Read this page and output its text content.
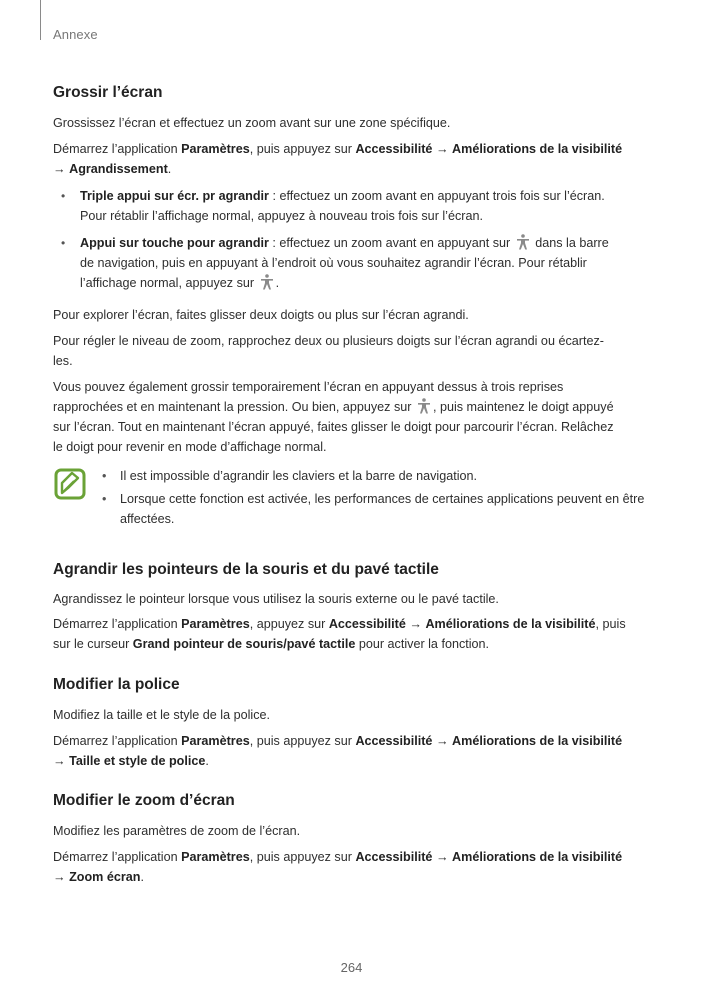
Annexe
Grossir l’écran

Grossissez l’écran et effectuez un zoom avant sur une zone spécifique.

Démarrez l’application Paramètres, puis appuyez sur Accessibilité → Améliorations de la visibilité

→ Agrandissement.

• Triple appui sur écr. pr agrandir : effectuez un zoom avant en appuyant trois fois sur l’écran.
Pour rétablir l’affichage normal, appuyez à nouveau trois fois sur l’écran.
• Appui sur touche pour agrandir : effectuez un zoom avant en appuyant sur  dans la barre
de navigation, puis en appuyant à l’endroit où vous souhaitez agrandir l’écran. Pour rétablir
l’affichage normal, appuyez sur .

Pour explorer l’écran, faites glisser deux doigts ou plus sur l’écran agrandi.

Pour régler le niveau de zoom, rapprochez deux ou plusieurs doigts sur l’écran agrandi ou écartez-

les.

Vous pouvez également grossir temporairement l’écran en appuyant dessus à trois reprises

rapprochées et en maintenant la pression. Ou bien, appuyez sur , puis maintenez le doigt appuyé

sur l’écran. Tout en maintenant l’écran appuyé, faites glisser le doigt pour parcourir l’écran. Relâchez

le doigt pour revenir en mode d’affichage normal.

• Il est impossible d’agrandir les claviers et la barre de navigation.
• Lorsque cette fonction est activée, les performances de certaines applications peuvent en être affectées.
Agrandir les pointeurs de la souris et du pavé tactile

Agrandissez le pointeur lorsque vous utilisez la souris externe ou le pavé tactile.

Démarrez l’application Paramètres, appuyez sur Accessibilité → Améliorations de la visibilité, puis

sur le curseur Grand pointeur de souris/pavé tactile pour activer la fonction.

Modifier la police

Modifiez la taille et le style de la police.

Démarrez l’application Paramètres, puis appuyez sur Accessibilité → Améliorations de la visibilité

→ Taille et style de police.

Modifier le zoom d’écran

Modifiez les paramètres de zoom de l’écran.

Démarrez l’application Paramètres, puis appuyez sur Accessibilité → Améliorations de la visibilité

→ Zoom écran.

264
